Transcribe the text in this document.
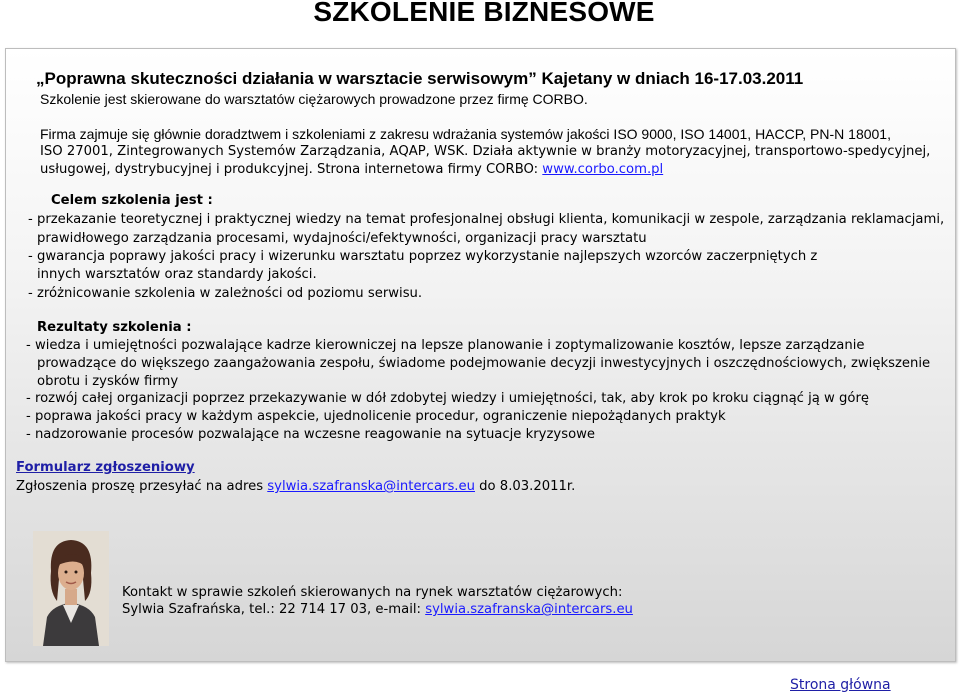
SZKOLENIE BIZNESOWE
„Poprawna skuteczności działania w warsztacie serwisowym” Kajetany w dniach 16-17.03.2011
Szkolenie jest skierowane do warsztatów ciężarowych prowadzone przez firmę CORBO.
Firma zajmuje się głównie doradztwem i szkoleniami z zakresu wdrażania systemów jakości ISO 9000, ISO 14001, HACCP, PN-N 18001,
ISO 27001, Zintegrowanych Systemów Zarządzania, AQAP, WSK. Działa aktywnie w branży motoryzacyjnej, transportowo-spedycyjnej,
usługowej, dystrybucyjnej i produkcyjnej. Strona internetowa firmy CORBO: www.corbo.com.pl
Celem szkolenia jest :
- przekazanie teoretycznej i praktycznej wiedzy na temat profesjonalnej obsługi klienta, komunikacji w zespole, zarządzania reklamacjami,
prawidłowego zarządzania procesami, wydajności/efektywności, organizacji pracy warsztatu
- gwarancja poprawy jakości pracy i wizerunku warsztatu poprzez wykorzystanie najlepszych wzorców zaczerpniętych z
innych warsztatów oraz standardy jakości.
- zróżnicowanie szkolenia w zależności od poziomu serwisu.
Rezultaty szkolenia :
- wiedza i umiejętności pozwalające kadrze kierowniczej na lepsze planowanie i zoptymalizowanie kosztów, lepsze zarządzanie
prowadzące do większego zaangażowania zespołu, świadome podejmowanie decyzji inwestycyjnych i oszczędnościowych, zwiększenie
obrotu i zysków firmy
- rozwój całej organizacji poprzez przekazywanie w dół zdobytej wiedzy i umiejętności, tak, aby krok po kroku ciągnąć ją w górę
- poprawa jakości pracy w każdym aspekcie, ujednolicenie procedur, ograniczenie niepożądanych praktyk
- nadzorowanie procesów pozwalające na wczesne reagowanie na sytuacje kryzysowe
Formularz zgłoszeniowy
Zgłoszenia proszę przesyłać na adres sylwia.szafranska@intercars.eu do 8.03.2011r.
Kontakt w sprawie szkoleń skierowanych na rynek warsztatów ciężarowych:
Sylwia Szafrańska, tel.: 22 714 17 03, e-mail: sylwia.szafranska@intercars.eu
Strona główna
